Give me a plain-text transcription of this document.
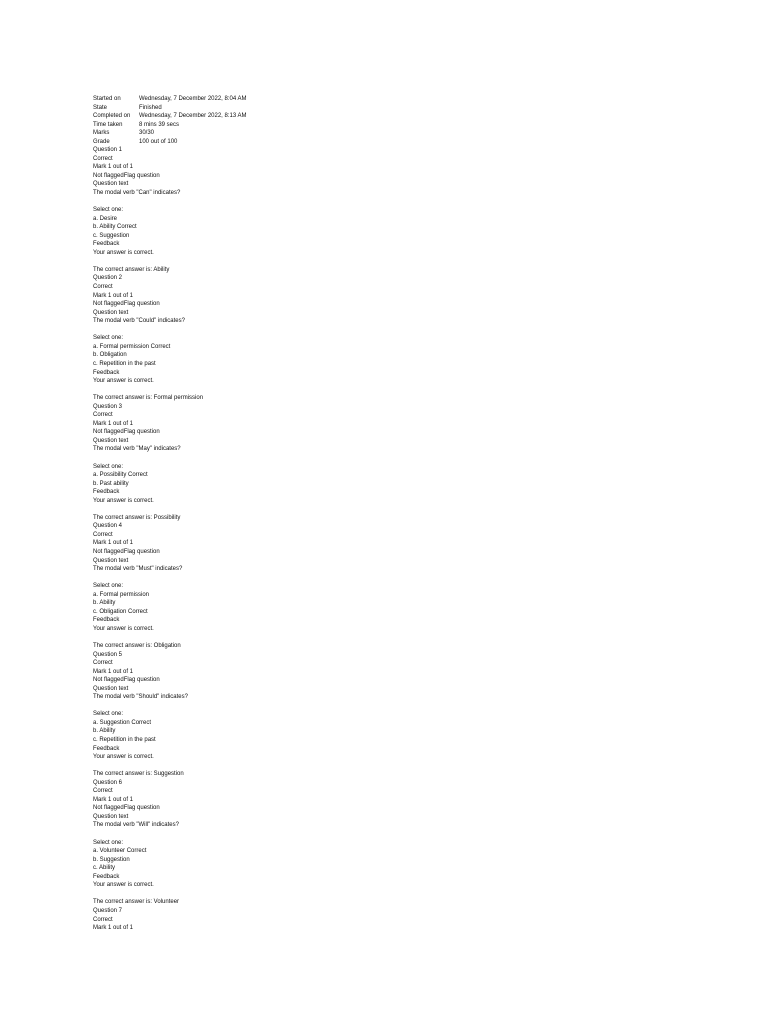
Started on	Wednesday, 7 December 2022, 8:04 AM
State	Finished
Completed on	Wednesday, 7 December 2022, 8:13 AM
Time taken	8 mins 39 secs
Marks	30/30
Grade	100 out of 100
Question 1
Correct
Mark 1 out of 1
Not flaggedFlag question
Question text
The modal verb "Can" indicates?
Select one:
a. Desire
b. Ability Correct
c. Suggestion
Feedback
Your answer is correct.
The correct answer is: Ability
Question 2
Correct
Mark 1 out of 1
Not flaggedFlag question
Question text
The modal verb "Could" indicates?
Select one:
a. Formal permission Correct
b. Obligation
c. Repetition in the past
Feedback
Your answer is correct.
The correct answer is: Formal permission
Question 3
Correct
Mark 1 out of 1
Not flaggedFlag question
Question text
The modal verb "May" indicates?
Select one:
a. Possibility Correct
b. Past ability
Feedback
Your answer is correct.
The correct answer is: Possibility
Question 4
Correct
Mark 1 out of 1
Not flaggedFlag question
Question text
The modal verb "Must" indicates?
Select one:
a. Formal permission
b. Ability
c. Obligation Correct
Feedback
Your answer is correct.
The correct answer is: Obligation
Question 5
Correct
Mark 1 out of 1
Not flaggedFlag question
Question text
The modal verb "Should" indicates?
Select one:
a. Suggestion Correct
b. Ability
c. Repetition in the past
Feedback
Your answer is correct.
The correct answer is: Suggestion
Question 6
Correct
Mark 1 out of 1
Not flaggedFlag question
Question text
The modal verb "Will" indicates?
Select one:
a. Volunteer Correct
b. Suggestion
c. Ability
Feedback
Your answer is correct.
The correct answer is: Volunteer
Question 7
Correct
Mark 1 out of 1
